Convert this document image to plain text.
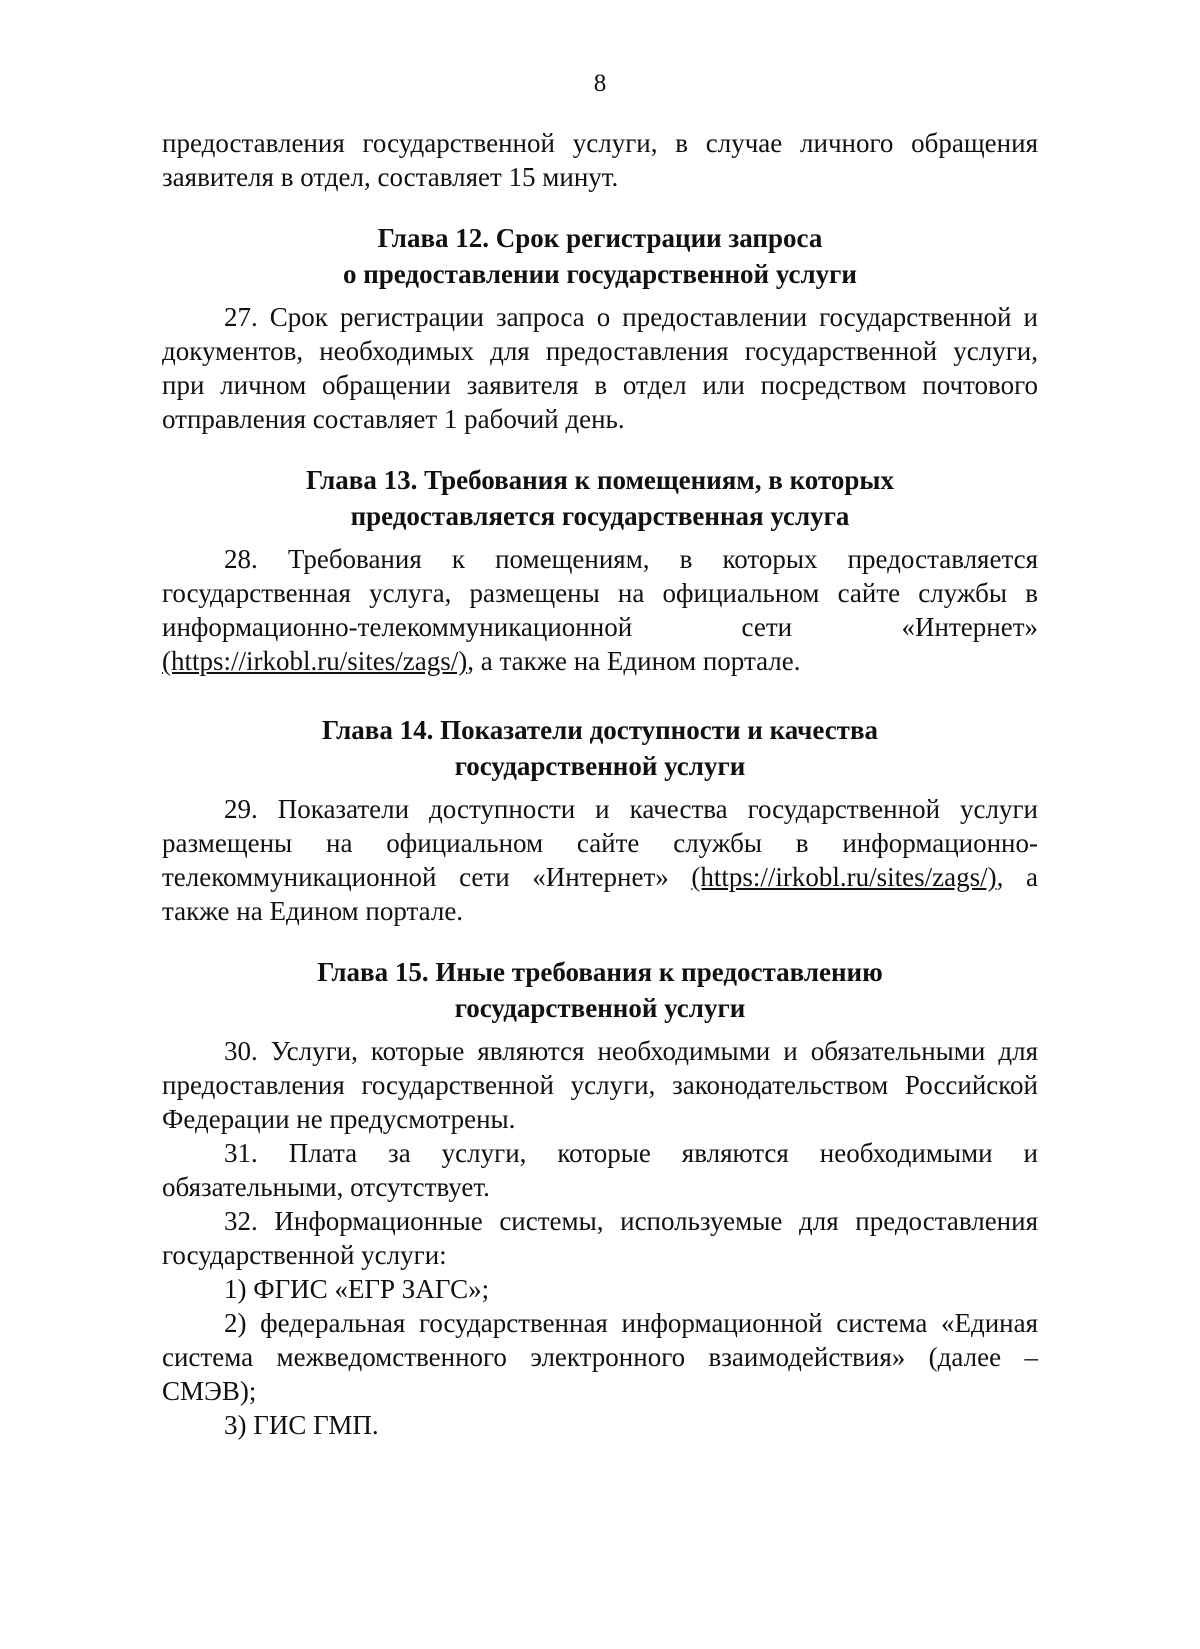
8

предоставления государственной услуги, в случае личного обращения заявителя в отдел, составляет 15 минут.

Глава 12. Срок регистрации запроса
о предоставлении государственной услуги

27. Срок регистрации запроса о предоставлении государственной и документов, необходимых для предоставления государственной услуги, при личном обращении заявителя в отдел или посредством почтового отправления составляет 1 рабочий день.

Глава 13. Требования к помещениям, в которых
предоставляется государственная услуга

28. Требования к помещениям, в которых предоставляется государственная услуга, размещены на официальном сайте службы в информационно-телекоммуникационной сети «Интернет» (https://irkobl.ru/sites/zags/), а также на Едином портале.

Глава 14. Показатели доступности и качества
государственной услуги

29. Показатели доступности и качества государственной услуги размещены на официальном сайте службы в информационно-телекоммуникационной сети «Интернет» (https://irkobl.ru/sites/zags/), а также на Едином портале.

Глава 15. Иные требования к предоставлению
государственной услуги

30. Услуги, которые являются необходимыми и обязательными для предоставления государственной услуги, законодательством Российской Федерации не предусмотрены.

31. Плата за услуги, которые являются необходимыми и обязательными, отсутствует.

32. Информационные системы, используемые для предоставления государственной услуги:

1) ФГИС «ЕГР ЗАГС»;

2) федеральная государственная информационной система «Единая система межведомственного электронного взаимодействия» (далее – СМЭВ);

3) ГИС ГМП.
